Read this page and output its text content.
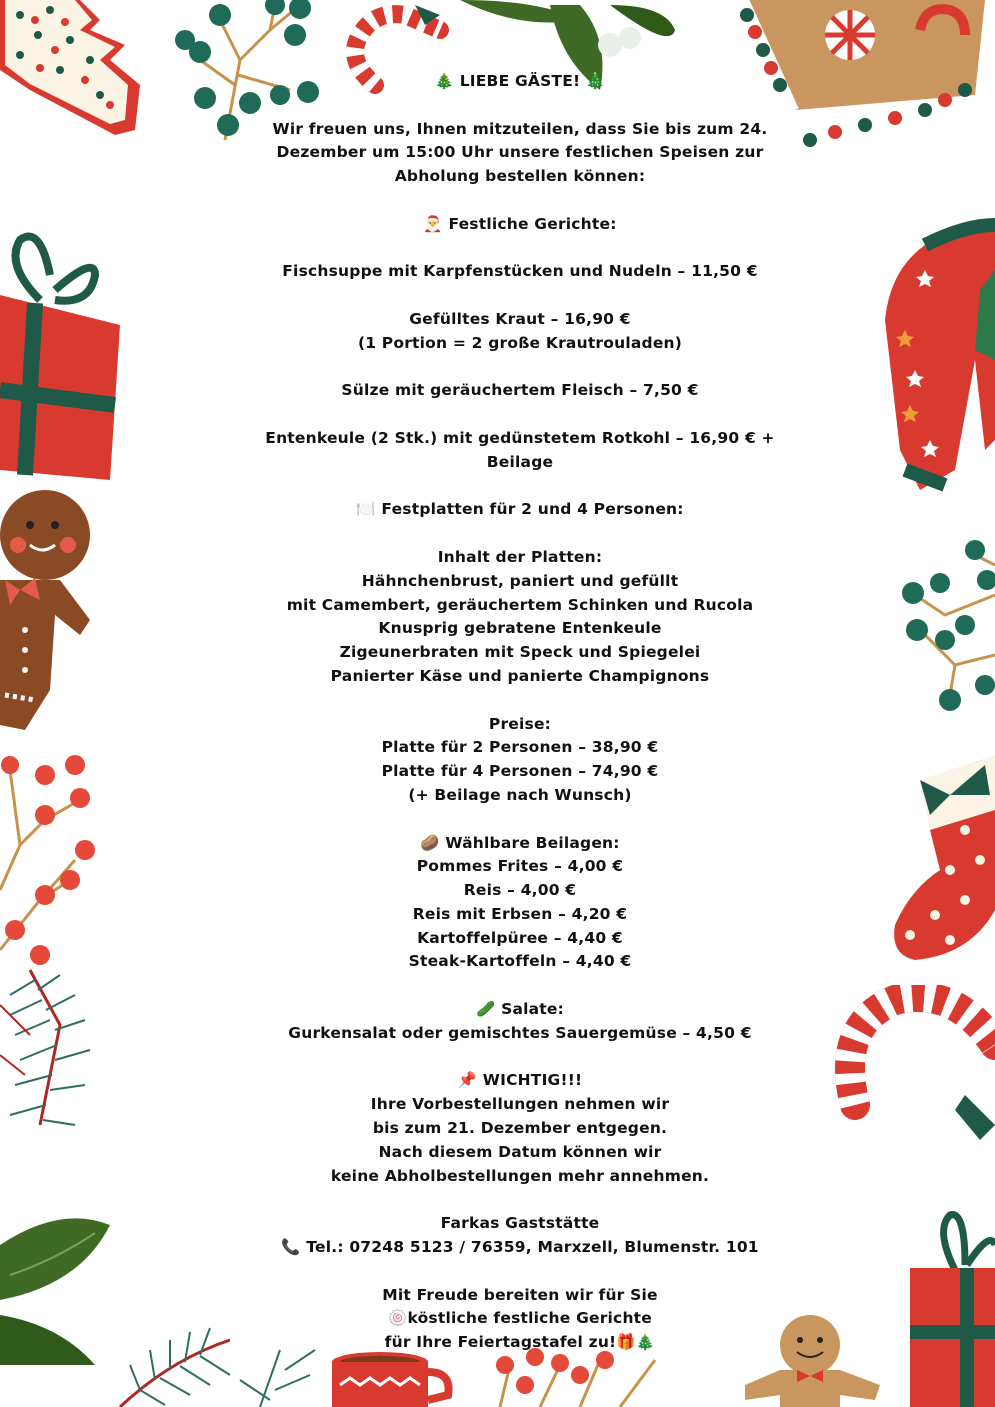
🎄 LIEBE GÄSTE! 🎄
Wir freuen uns, Ihnen mitzuteilen, dass Sie bis zum 24.
Dezember um 15:00 Uhr unsere festlichen Speisen zur
Abholung bestellen können:
🎅 Festliche Gerichte:
Fischsuppe mit Karpfenstücken und Nudeln – 11,50 €
Gefülltes Kraut – 16,90 €
(1 Portion = 2 große Krautrouladen)
Sülze mit geräuchertem Fleisch – 7,50 €
Entenkeule (2 Stk.) mit gedünstetem Rotkohl – 16,90 € +
Beilage
🍽️ Festplatten für 2 und 4 Personen:
Inhalt der Platten:
Hähnchenbrust, paniert und gefüllt
mit Camembert, geräuchertem Schinken und Rucola
Knusprig gebratene Entenkeule
Zigeunerbraten mit Speck und Spiegelei
Panierter Käse und panierte Champignons
Preise:
Platte für 2 Personen – 38,90 €
Platte für 4 Personen – 74,90 €
(+ Beilage nach Wunsch)
🥔 Wählbare Beilagen:
Pommes Frites – 4,00 €
Reis – 4,00 €
Reis mit Erbsen – 4,20 €
Kartoffelpüree – 4,40 €
Steak-Kartoffeln – 4,40 €
🥒 Salate:
Gurkensalat oder gemischtes Sauergemüse – 4,50 €
📌 WICHTIG!!!
Ihre Vorbestellungen nehmen wir
bis zum 21. Dezember entgegen.
Nach diesem Datum können wir
keine Abholbestellungen mehr annehmen.
Farkas Gaststätte
📞 Tel.: 07248 5123 / 76359, Marxzell, Blumenstr. 101
Mit Freude bereiten wir für Sie
🍥köstliche festliche Gerichte
für Ihre Feiertagstafel zu!🎁🎄
